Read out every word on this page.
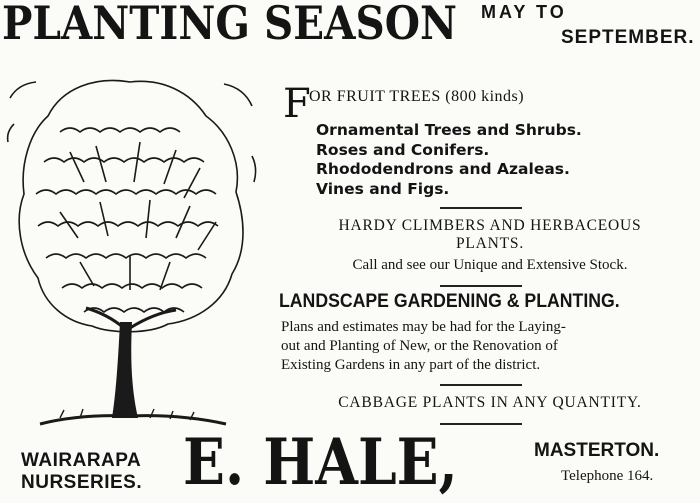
PLANTING SEASON MAY TO
SEPTEMBER.
F
OR FRUIT TREES (800 kinds)
Ornamental Trees and Shrubs.
Roses and Conifers.
Rhododendrons and Azaleas.
Vines and Figs.
HARDY CLIMBERS AND HERBACEOUS
PLANTS.
Call and see our Unique and Extensive Stock.
LANDSCAPE GARDENING & PLANTING.
Plans and estimates may be had for the Laying-
out and Planting of New, or the Renovation of
Existing Gardens in any part of the district.
CABBAGE PLANTS IN ANY QUANTITY.
WAIRARAPA
NURSERIES. E. HALE,	MASTERTON.
Telephone 164.
